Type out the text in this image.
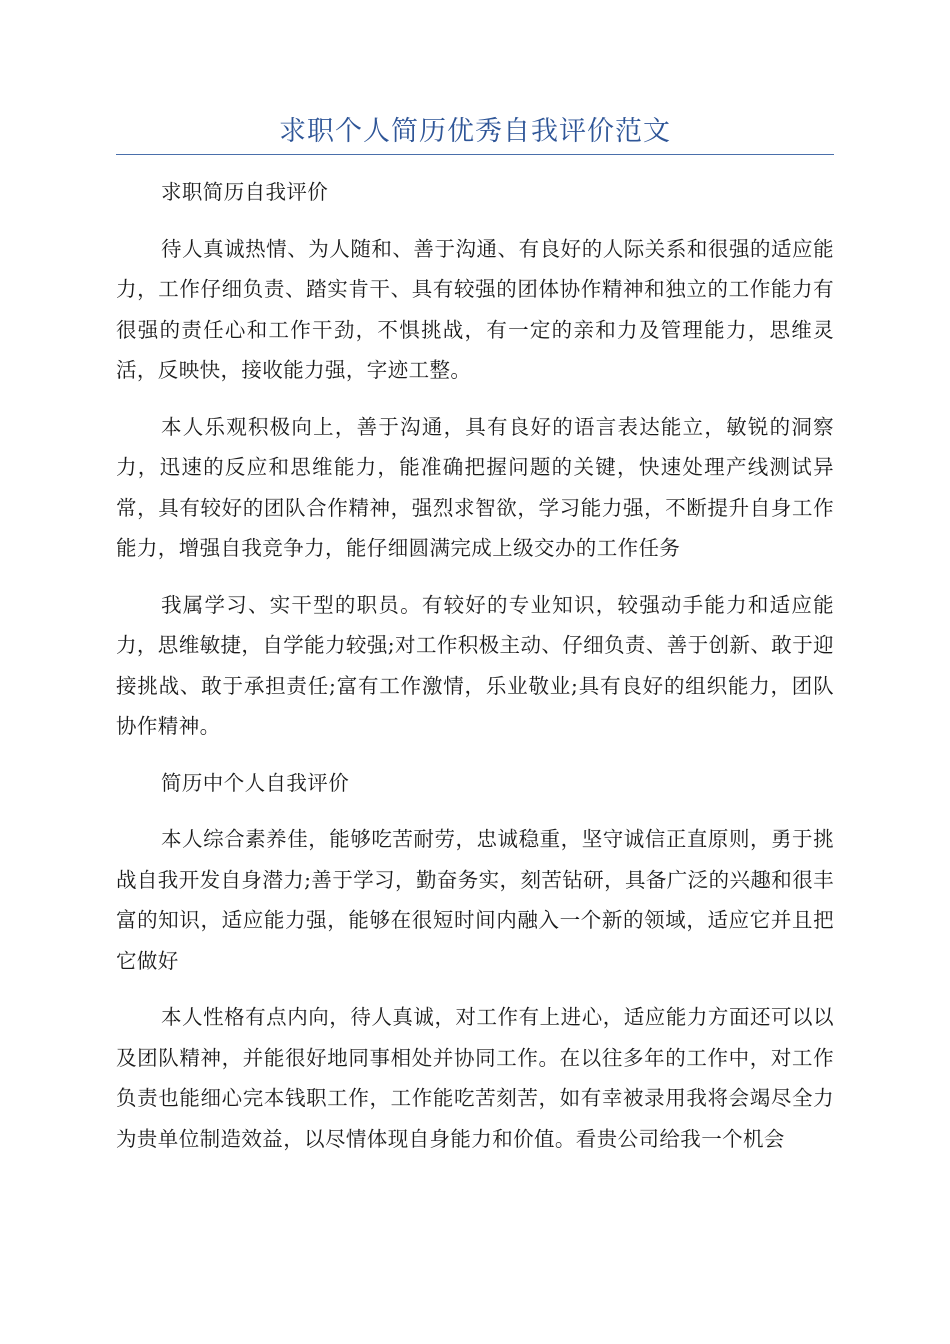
求职个人简历优秀自我评价范文

求职简历自我评价

待人真诚热情、为人随和、善于沟通、有良好的人际关系和很强的适应能力，工作仔细负责、踏实肯干、具有较强的团体协作精神和独立的工作能力有很强的责任心和工作干劲，不惧挑战，有一定的亲和力及管理能力，思维灵活，反映快，接收能力强，字迹工整。

本人乐观积极向上，善于沟通，具有良好的语言表达能立，敏锐的洞察力，迅速的反应和思维能力，能准确把握问题的关键，快速处理产线测试异常，具有较好的团队合作精神，强烈求智欲，学习能力强，不断提升自身工作能力，增强自我竞争力，能仔细圆满完成上级交办的工作任务

我属学习、实干型的职员。有较好的专业知识，较强动手能力和适应能力，思维敏捷，自学能力较强;对工作积极主动、仔细负责、善于创新、敢于迎接挑战、敢于承担责任;富有工作激情，乐业敬业;具有良好的组织能力，团队协作精神。

简历中个人自我评价

本人综合素养佳，能够吃苦耐劳，忠诚稳重，坚守诚信正直原则，勇于挑战自我开发自身潜力;善于学习，勤奋务实，刻苦钻研，具备广泛的兴趣和很丰富的知识，适应能力强，能够在很短时间内融入一个新的领域，适应它并且把它做好

本人性格有点内向，待人真诚，对工作有上进心，适应能力方面还可以以及团队精神，并能很好地同事相处并协同工作。在以往多年的工作中，对工作负责也能细心完本钱职工作，工作能吃苦刻苦，如有幸被录用我将会竭尽全力为贵单位制造效益，以尽情体现自身能力和价值。看贵公司给我一个机会
